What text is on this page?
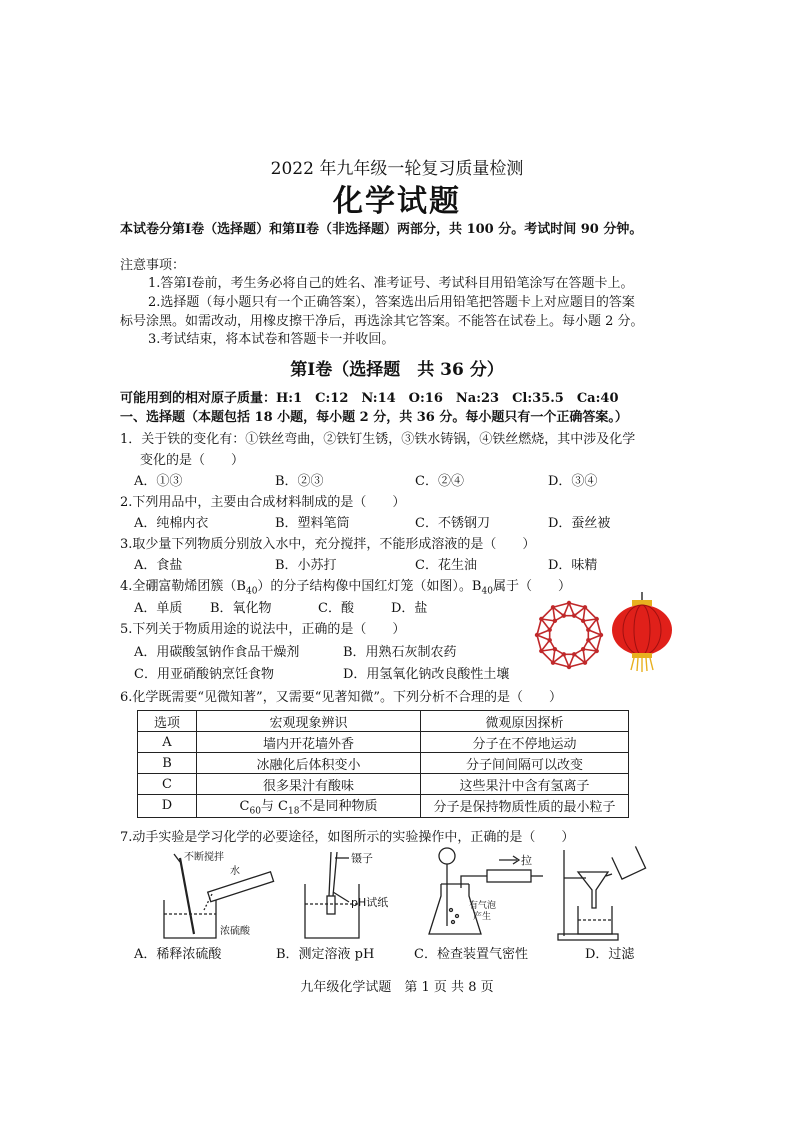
2022 年九年级一轮复习质量检测
化学试题
本试卷分第Ⅰ卷（选择题）和第Ⅱ卷（非选择题）两部分，共 100 分。考试时间 90 分钟。
注意事项：
1.答第Ⅰ卷前，考生务必将自己的姓名、准考证号、考试科目用铅笔涂写在答题卡上。
2.选择题（每小题只有一个正确答案），答案选出后用铅笔把答题卡上对应题目的答案
标号涂黑。如需改动，用橡皮擦干净后，再选涂其它答案。不能答在试卷上。每小题 2 分。
3.考试结束，将本试卷和答题卡一并收回。
第Ⅰ卷（选择题　共 36 分）
可能用到的相对原子质量：H:1　C:12　N:14　O:16　Na:23　Cl:35.5　Ca:40
一、选择题（本题包括 18 小题，每小题 2 分，共 36 分。每小题只有一个正确答案。）
1．关于铁的变化有：①铁丝弯曲，②铁钉生锈，③铁水铸锅，④铁丝燃烧，其中涉及化学
变化的是（　　）
A．①③	B．②③	C．②④	D．③④
2.下列用品中，主要由合成材料制成的是（　　）
A．纯棉内衣	B．塑料笔筒	C．不锈钢刀	D．蚕丝被
3.取少量下列物质分别放入水中，充分搅拌，不能形成溶液的是（　　）
A．食盐	B．小苏打	C．花生油	D．味精
4.全硼富勒烯团簇$(B_{40})$的分子结构像中国红灯笼（如图）。$B_{40}$属于（　　）
A．单质 B．氧化物	C．酸	D．盐
5.下列关于物质用途的说法中，正确的是（　　）
A．用碳酸氢钠作食品干燥剂	B．用熟石灰制农药
C．用亚硝酸钠烹饪食物	D．用氢氧化钠改良酸性土壤
6.化学既需要“见微知著”，又需要“见著知微”。下列分析不合理的是（　　）
选项	宏观现象辨识	微观原因探析
A	墙内开花墙外香	分子在不停地运动
B	冰融化后体积变小	分子间间隔可以改变
C	很多果汁有酸味	这些果汁中含有氢离子
D	$C_{60}$与 $C_{18}$不是同种物质	分子是保持物质性质的最小粒子
7.动手实验是学习化学的必要途径，如图所示的实验操作中，正确的是（　　）
不断搅拌
水
浓硫酸
镊子
pH试纸
拉
有气泡
产生
A．稀释浓硫酸	B．测定溶液 pH	C．检查装置气密性	D．过滤
九年级化学试题　第 1 页 共 8 页
